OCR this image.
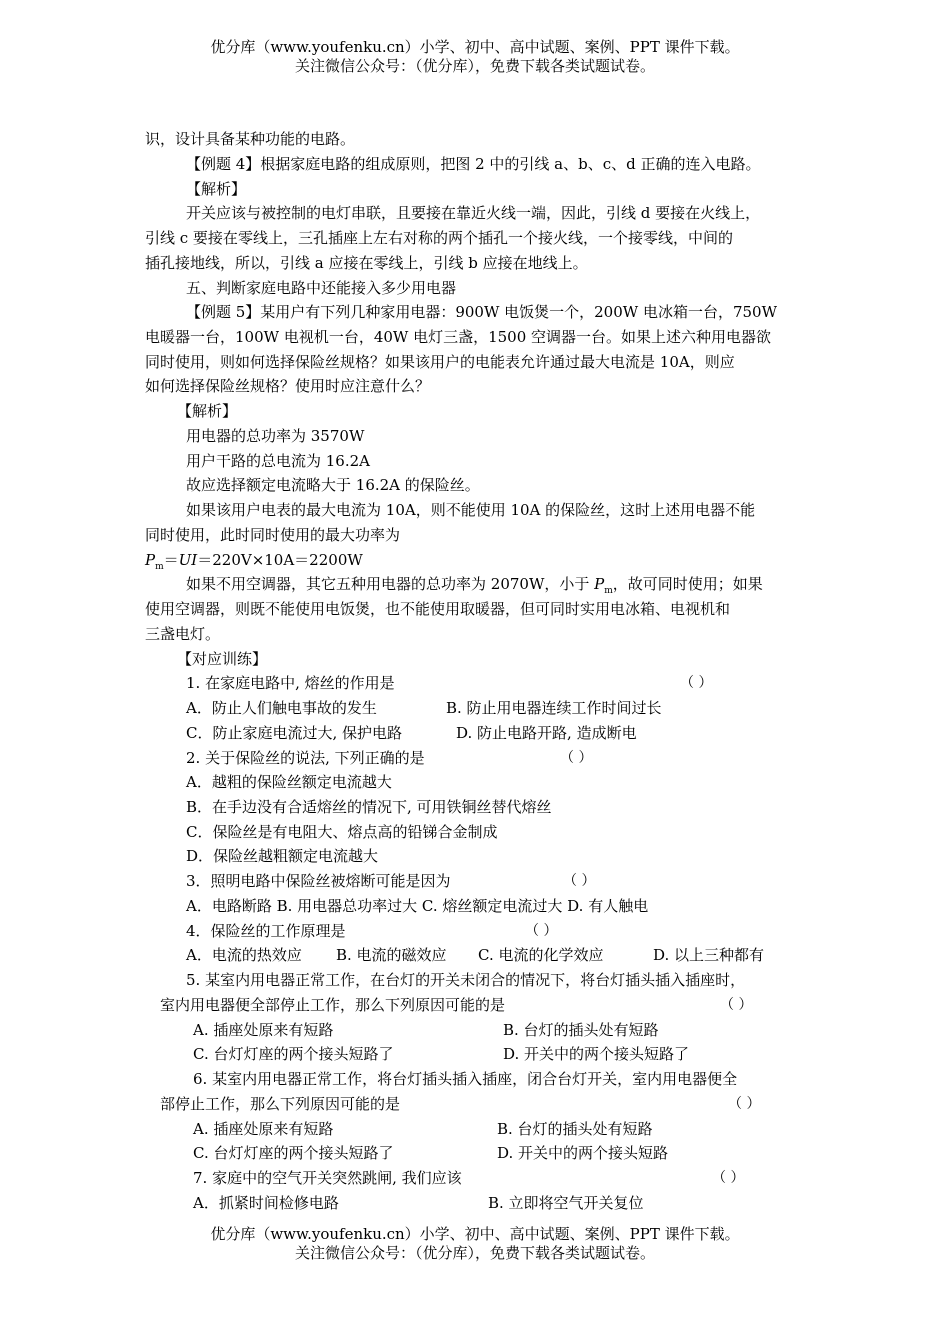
优分库（www.youfenku.cn）小学、初中、高中试题、案例、PPT 课件下载。
关注微信公众号：（优分库），免费下载各类试题试卷。
识，设计具备某种功能的电路。
【例题 4】根据家庭电路的组成原则，把图 2 中的引线 a、b、c、d 正确的连入电路。
【解析】
开关应该与被控制的电灯串联，且要接在靠近火线一端，因此，引线 d 要接在火线上，
引线 c 要接在零线上，三孔插座上左右对称的两个插孔一个接火线，一个接零线，中间的
插孔接地线，所以，引线 a 应接在零线上，引线 b 应接在地线上。
五、判断家庭电路中还能接入多少用电器
【例题 5】某用户有下列几种家用电器：900W 电饭煲一个，200W 电冰箱一台，750W
电暖器一台，100W 电视机一台，40W 电灯三盏，1500 空调器一台。如果上述六种用电器欲
同时使用，则如何选择保险丝规格？如果该用户的电能表允许通过最大电流是 10A，则应
如何选择保险丝规格？使用时应注意什么？
【解析】
用电器的总功率为 3570W
用户干路的总电流为 16.2A
故应选择额定电流略大于 16.2A 的保险丝。
如果该用户电表的最大电流为 10A，则不能使用 10A 的保险丝，这时上述用电器不能
同时使用，此时同时使用的最大功率为
$P_m=UI=220V\times 10A=2200W$
如果不用空调器，其它五种用电器的总功率为 2070W，小于 $P_m$，故可同时使用；如果
使用空调器，则既不能使用电饭煲，也不能使用取暖器，但可同时实用电冰箱、电视机和
三盏电灯。
【对应训练】
1. 在家庭电路中, 熔丝的作用是	（ ）
A．防止人们触电事故的发生	B. 防止用电器连续工作时间过长
C．防止家庭电流过大, 保护电路	D. 防止电路开路, 造成断电
2. 关于保险丝的说法, 下列正确的是	（ ）
A．越粗的保险丝额定电流越大
B．在手边没有合适熔丝的情况下, 可用铁铜丝替代熔丝
C．保险丝是有电阻大、熔点高的铅锑合金制成
D．保险丝越粗额定电流越大
3．照明电路中保险丝被熔断可能是因为	（ ）
A．电路断路 B. 用电器总功率过大 C. 熔丝额定电流过大 D. 有人触电
4．保险丝的工作原理是	（ ）
A．电流的热效应 B. 电流的磁效应 C. 电流的化学效应	D. 以上三种都有
5. 某室内用电器正常工作，在台灯的开关未闭合的情况下，将台灯插头插入插座时，
室内用电器便全部停止工作，那么下列原因可能的是	（ ）
A. 插座处原来有短路	B. 台灯的插头处有短路
C. 台灯灯座的两个接头短路了	D. 开关中的两个接头短路了
6. 某室内用电器正常工作，将台灯插头插入插座，闭合台灯开关，室内用电器便全
部停止工作，那么下列原因可能的是	（ ）
A. 插座处原来有短路	B. 台灯的插头处有短路
C. 台灯灯座的两个接头短路了	D. 开关中的两个接头短路
7. 家庭中的空气开关突然跳闸, 我们应该	（ ）
A．抓紧时间检修电路	B. 立即将空气开关复位
优分库（www.youfenku.cn）小学、初中、高中试题、案例、PPT 课件下载。
关注微信公众号：（优分库），免费下载各类试题试卷。
